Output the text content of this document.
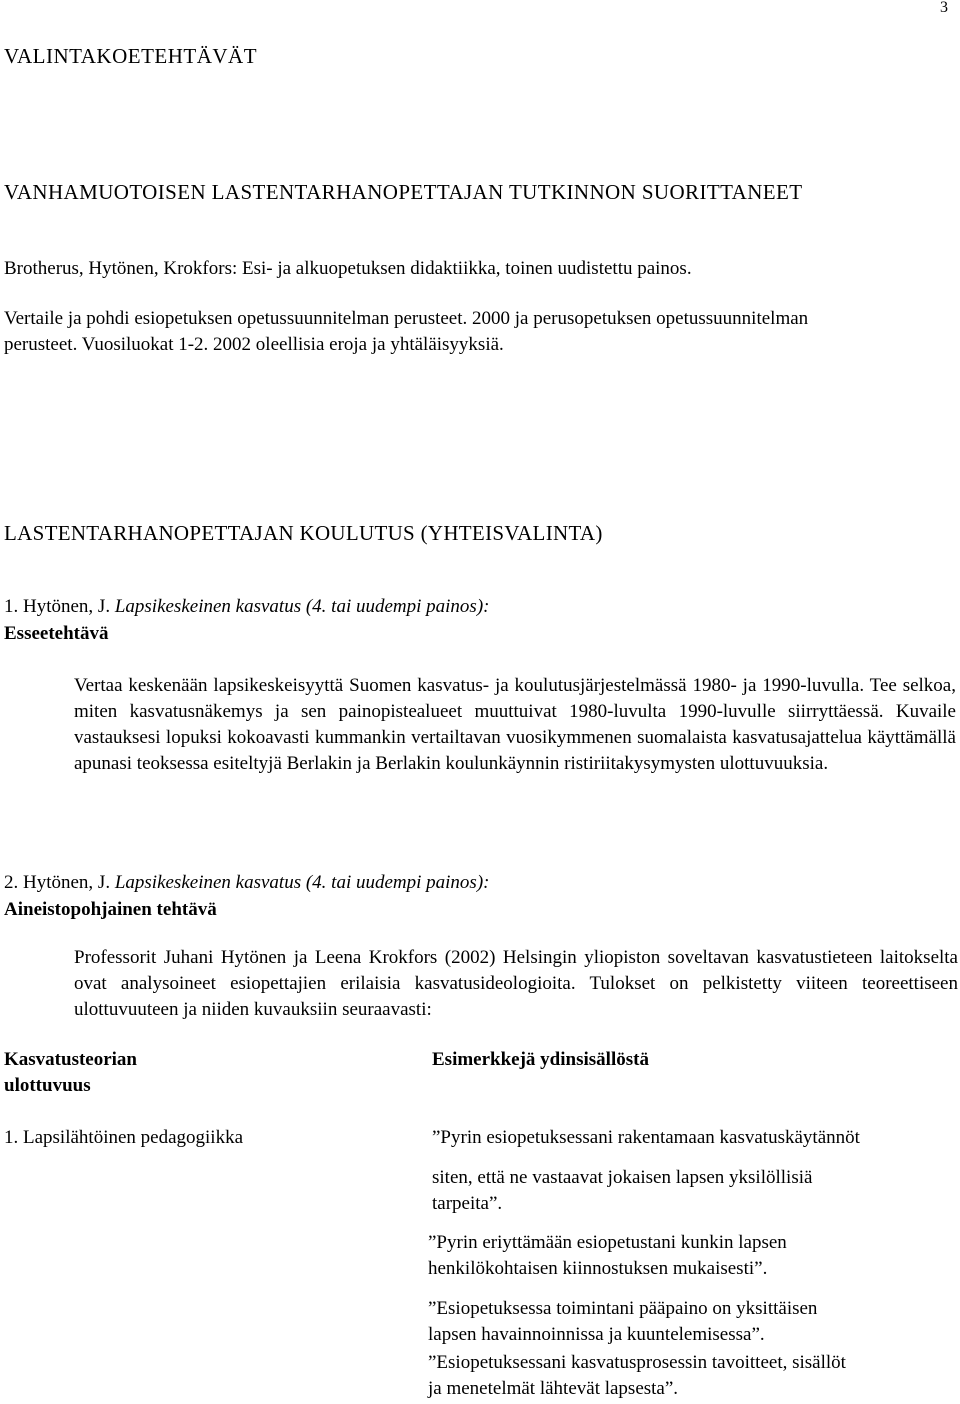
3
VALINTAKOETEHTÄVÄT
VANHAMUOTOISEN LASTENTARHANOPETTAJAN TUTKINNON SUORITTANEET

Brotherus, Hytönen, Krokfors: Esi- ja alkuopetuksen didaktiikka, toinen uudistettu painos.

Vertaile ja pohdi esiopetuksen opetussuunnitelman perusteet. 2000 ja perusopetuksen opetussuunnitelman
perusteet. Vuosiluokat 1-2. 2002 oleellisia eroja ja yhtäläisyyksiä.

LASTENTARHANOPETTAJAN KOULUTUS (YHTEISVALINTA)

1. Hytönen, J. Lapsikeskeinen kasvatus (4. tai uudempi painos):

Esseetehtävä

Vertaa keskenään lapsikeskeisyyttä Suomen kasvatus- ja koulutusjärjestelmässä 1980- ja 1990-luvulla. Tee selkoa, miten kasvatusnäkemys ja sen painopistealueet muuttuivat 1980-luvulta 1990-luvulle siirryttäessä. Kuvaile vastauksesi lopuksi kokoavasti kummankin vertailtavan vuosikymmenen suomalaista kasvatusajattelua käyttämällä apunasi teoksessa esiteltyjä Berlakin ja Berlakin koulunkäynnin ristiriitakysymysten ulottuvuuksia.

2. Hytönen, J. Lapsikeskeinen kasvatus (4. tai uudempi painos):

Aineistopohjainen tehtävä

Professorit Juhani Hytönen ja Leena Krokfors (2002) Helsingin yliopiston soveltavan kasvatustieteen laitokselta ovat analysoineet esiopettajien erilaisia kasvatusideologioita. Tulokset on pelkistetty viiteen teoreettiseen ulottuvuuteen ja niiden kuvauksiin seuraavasti:

Kasvatusteorian
ulottuvuus
Esimerkkejä ydinsisällöstä
1. Lapsilähtöinen pedagogiikka	”Pyrin esiopetuksessani rakentamaan kasvatuskäytännöt
siten, että ne vastaavat jokaisen lapsen yksilöllisiä
tarpeita”.
”Pyrin eriyttämään esiopetustani kunkin lapsen
henkilökohtaisen kiinnostuksen mukaisesti”.
”Esiopetuksessa toimintani pääpaino on yksittäisen
lapsen havainnoinnissa ja kuuntelemisessa”.
”Esiopetuksessani kasvatusprosessin tavoitteet, sisällöt
ja menetelmät lähtevät lapsesta”.
